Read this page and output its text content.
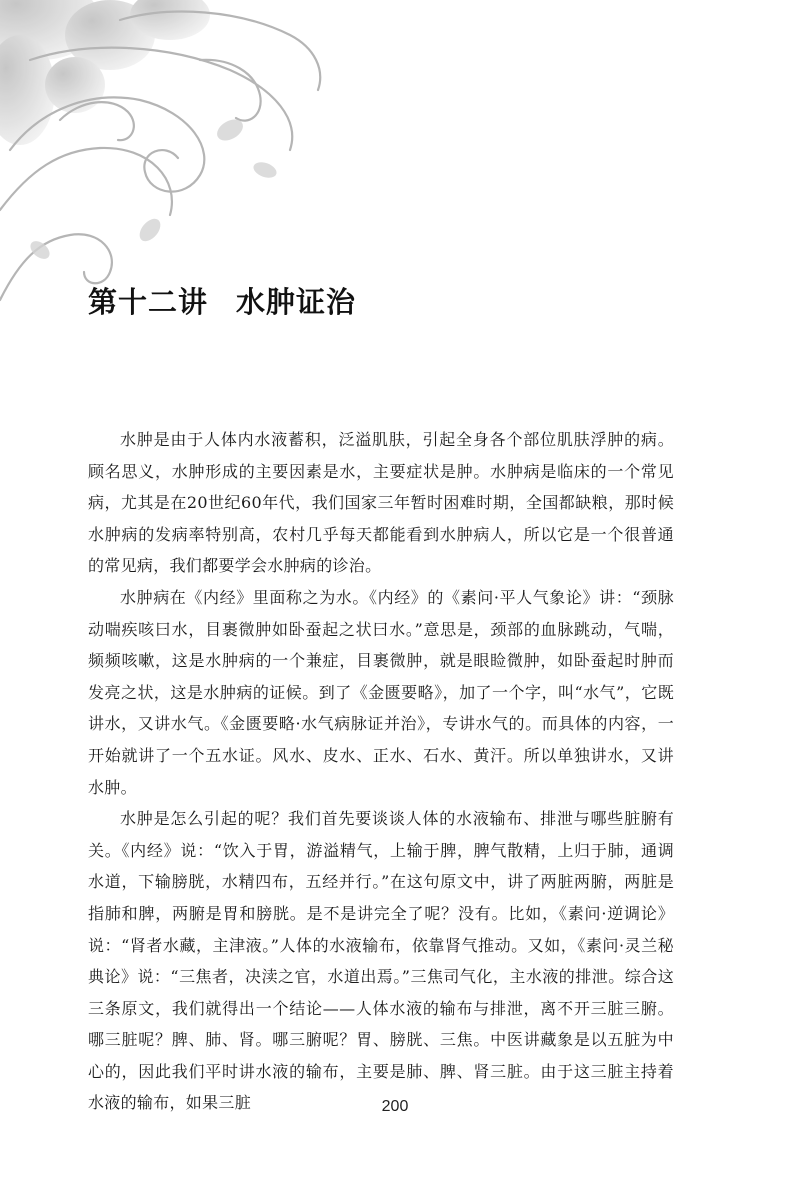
第十二讲 水肿证治

水肿是由于人体内水液蓄积，泛溢肌肤，引起全身各个部位肌肤浮肿的病。顾名思义，水肿形成的主要因素是水，主要症状是肿。水肿病是临床的一个常见病，尤其是在20世纪60年代，我们国家三年暂时困难时期，全国都缺粮，那时候水肿病的发病率特别高，农村几乎每天都能看到水肿病人，所以它是一个很普通的常见病，我们都要学会水肿病的诊治。

水肿病在《内经》里面称之为水。《内经》的《素问·平人气象论》讲：“颈脉动喘疾咳曰水，目裹微肿如卧蚕起之状曰水。”意思是，颈部的血脉跳动，气喘，频频咳嗽，这是水肿病的一个兼症，目裹微肿，就是眼睑微肿，如卧蚕起时肿而发亮之状，这是水肿病的证候。到了《金匮要略》，加了一个字，叫“水气”，它既讲水，又讲水气。《金匮要略·水气病脉证并治》，专讲水气的。而具体的内容，一开始就讲了一个五水证。风水、皮水、正水、石水、黄汗。所以单独讲水，又讲水肿。

水肿是怎么引起的呢？我们首先要谈谈人体的水液输布、排泄与哪些脏腑有关。《内经》说：“饮入于胃，游溢精气，上输于脾，脾气散精，上归于肺，通调水道，下输膀胱，水精四布，五经并行。”在这句原文中，讲了两脏两腑，两脏是指肺和脾，两腑是胃和膀胱。是不是讲完全了呢？没有。比如，《素问·逆调论》说：“肾者水藏，主津液。”人体的水液输布，依靠肾气推动。又如，《素问·灵兰秘典论》说：“三焦者，决渎之官，水道出焉。”三焦司气化，主水液的排泄。综合这三条原文，我们就得出一个结论——人体水液的输布与排泄，离不开三脏三腑。哪三脏呢？脾、肺、肾。哪三腑呢？胃、膀胱、三焦。中医讲藏象是以五脏为中心的，因此我们平时讲水液的输布，主要是肺、脾、肾三脏。由于这三脏主持着水液的输布，如果三脏	200
